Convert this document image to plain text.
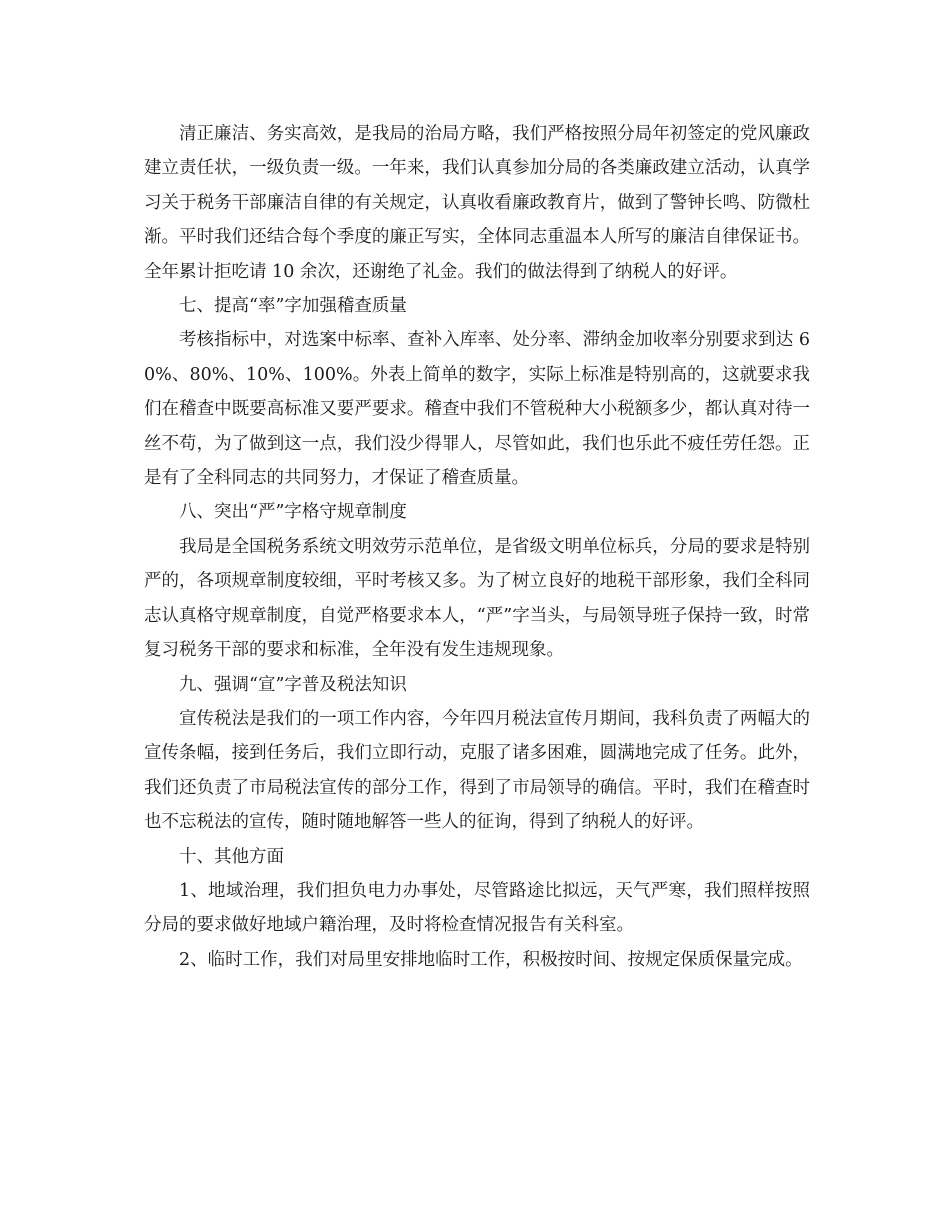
清正廉洁、务实高效，是我局的治局方略，我们严格按照分局年初签定的党风廉政建立责任状，一级负责一级。一年来，我们认真参加分局的各类廉政建立活动，认真学习关于税务干部廉洁自律的有关规定，认真收看廉政教育片，做到了警钟长鸣、防微杜渐。平时我们还结合每个季度的廉正写实，全体同志重温本人所写的廉洁自律保证书。全年累计拒吃请 10 余次，还谢绝了礼金。我们的做法得到了纳税人的好评。

七、提高“率”字加强稽查质量

考核指标中，对选案中标率、查补入库率、处分率、滞纳金加收率分别要求到达 60%、80%、10%、100%。外表上简单的数字，实际上标准是特别高的，这就要求我们在稽查中既要高标准又要严要求。稽查中我们不管税种大小税额多少，都认真对待一丝不苟，为了做到这一点，我们没少得罪人，尽管如此，我们也乐此不疲任劳任怨。正是有了全科同志的共同努力，才保证了稽查质量。

八、突出“严”字格守规章制度

我局是全国税务系统文明效劳示范单位，是省级文明单位标兵，分局的要求是特别严的，各项规章制度较细，平时考核又多。为了树立良好的地税干部形象，我们全科同志认真格守规章制度，自觉严格要求本人，“严”字当头，与局领导班子保持一致，时常复习税务干部的要求和标准，全年没有发生违规现象。

九、强调“宣”字普及税法知识

宣传税法是我们的一项工作内容，今年四月税法宣传月期间，我科负责了两幅大的宣传条幅，接到任务后，我们立即行动，克服了诸多困难，圆满地完成了任务。此外，我们还负责了市局税法宣传的部分工作，得到了市局领导的确信。平时，我们在稽查时也不忘税法的宣传，随时随地解答一些人的征询，得到了纳税人的好评。

十、其他方面

1、地域治理，我们担负电力办事处，尽管路途比拟远，天气严寒，我们照样按照分局的要求做好地域户籍治理，及时将检查情况报告有关科室。

2、临时工作，我们对局里安排地临时工作，积极按时间、按规定保质保量完成。
